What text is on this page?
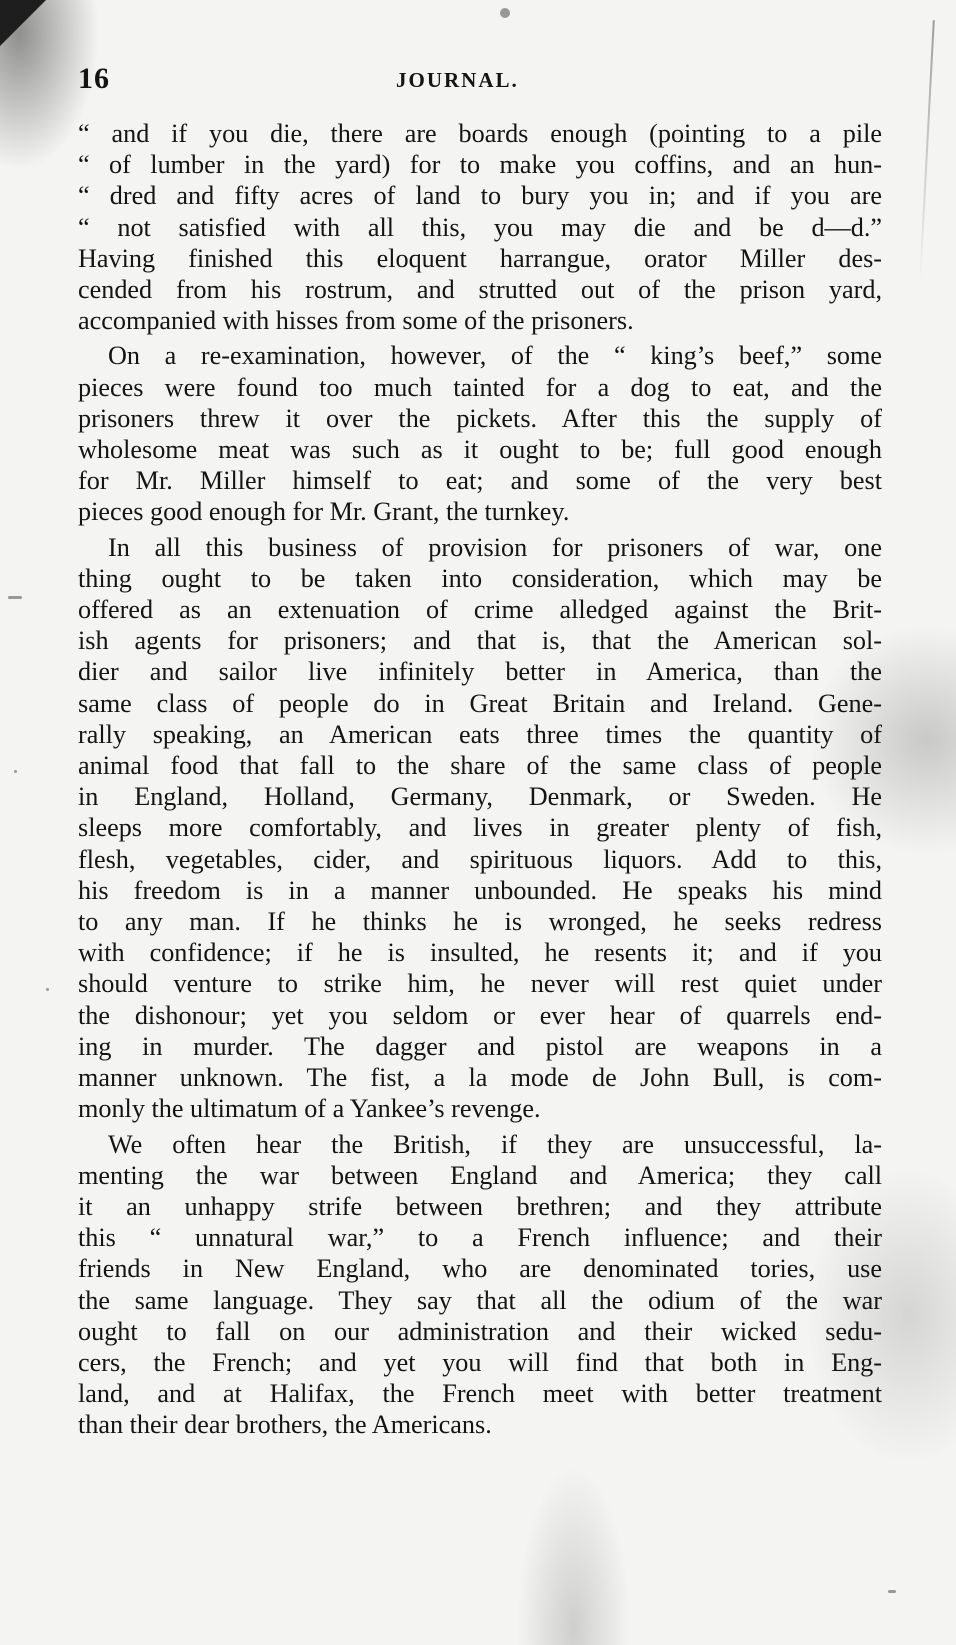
16	JOURNAL.
“ and if you die, there are boards enough (pointing to a pile
“ of lumber in the yard) for to make you coffins, and an hun-
“ dred and fifty acres of land to bury you in; and if you are
“ not satisfied with all this, you may die and be d—d.”
Having finished this eloquent harrangue, orator Miller des-
cended from his rostrum, and strutted out of the prison yard,
accompanied with hisses from some of the prisoners.
On a re-examination, however, of the “ king’s beef,” some
pieces were found too much tainted for a dog to eat, and the
prisoners threw it over the pickets. After this the supply of
wholesome meat was such as it ought to be; full good enough
for Mr. Miller himself to eat; and some of the very best
pieces good enough for Mr. Grant, the turnkey.
In all this business of provision for prisoners of war, one
thing ought to be taken into consideration, which may be
offered as an extenuation of crime alledged against the Brit-
ish agents for prisoners; and that is, that the American sol-
dier and sailor live infinitely better in America, than the
same class of people do in Great Britain and Ireland. Gene-
rally speaking, an American eats three times the quantity of
animal food that fall to the share of the same class of people
in England, Holland, Germany, Denmark, or Sweden. He
sleeps more comfortably, and lives in greater plenty of fish,
flesh, vegetables, cider, and spirituous liquors. Add to this,
his freedom is in a manner unbounded. He speaks his mind
to any man. If he thinks he is wronged, he seeks redress
with confidence; if he is insulted, he resents it; and if you
should venture to strike him, he never will rest quiet under
the dishonour; yet you seldom or ever hear of quarrels end-
ing in murder. The dagger and pistol are weapons in a
manner unknown. The fist, a la mode de John Bull, is com-
monly the ultimatum of a Yankee’s revenge.
We often hear the British, if they are unsuccessful, la-
menting the war between England and America; they call
it an unhappy strife between brethren; and they attribute
this “ unnatural war,” to a French influence; and their
friends in New England, who are denominated tories, use
the same language. They say that all the odium of the war
ought to fall on our administration and their wicked sedu-
cers, the French; and yet you will find that both in Eng-
land, and at Halifax, the French meet with better treatment
than their dear brothers, the Americans.
